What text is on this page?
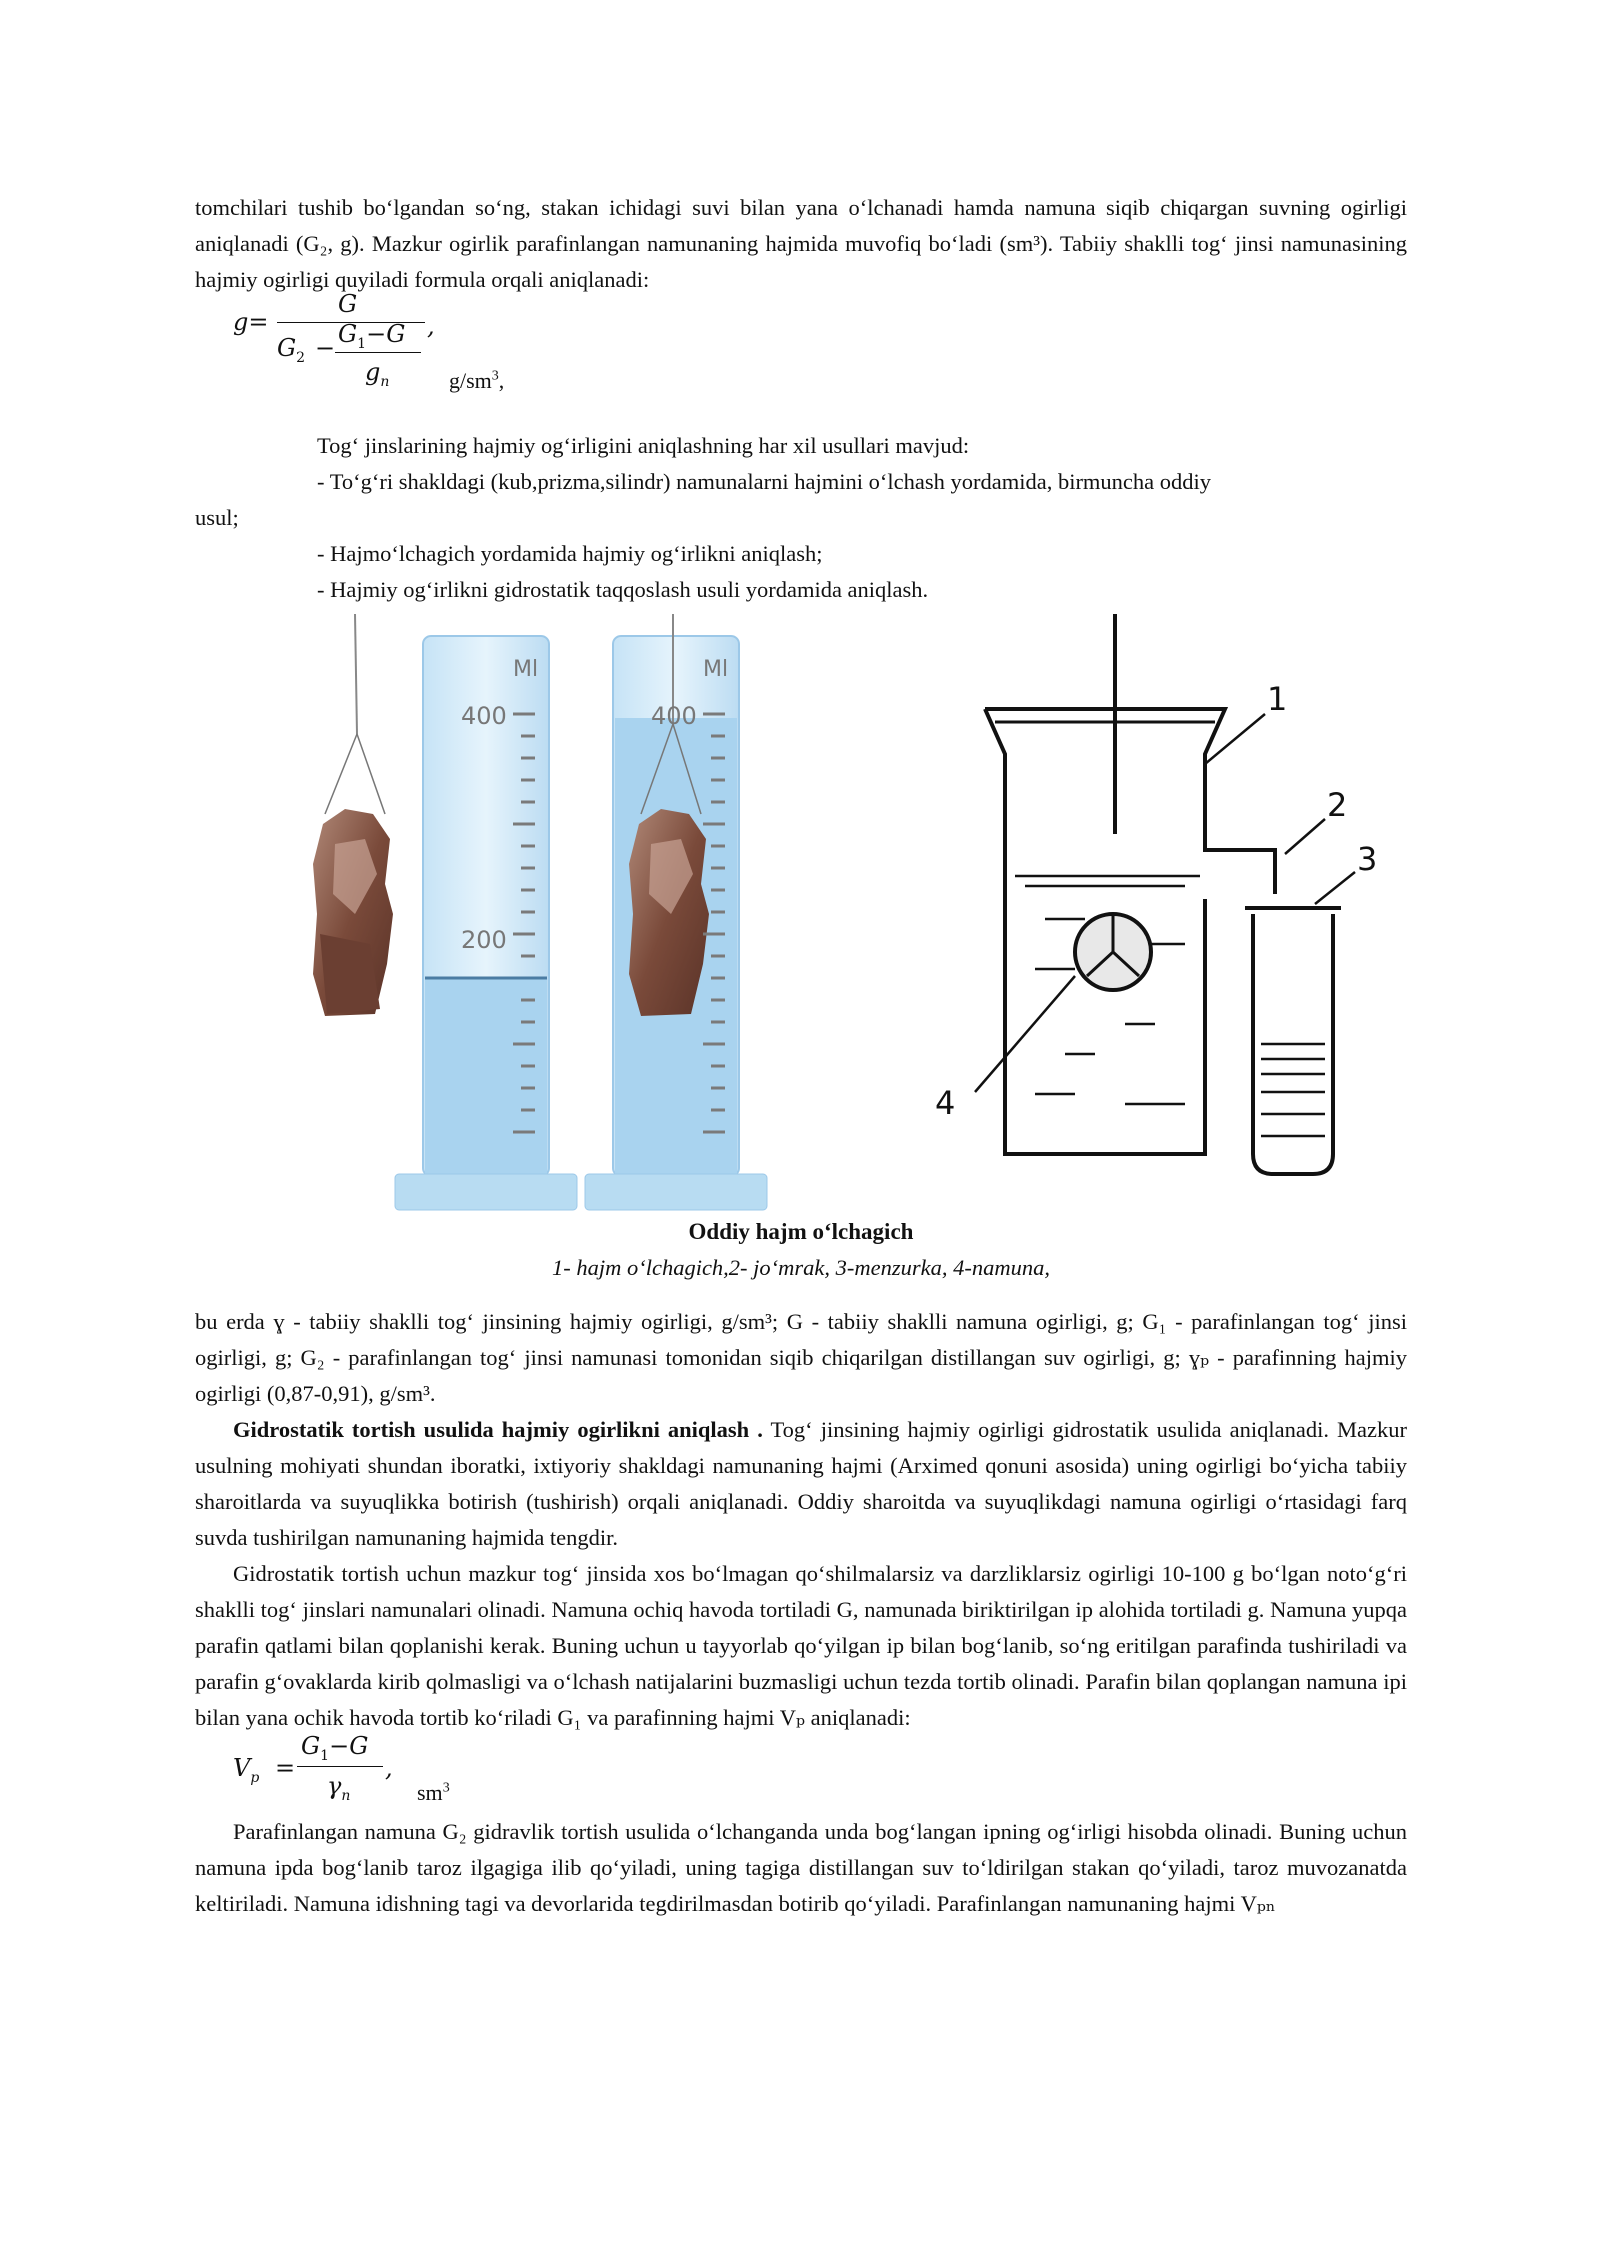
tomchilari tushib bo‘lgandan so‘ng, stakan ichidagi suvi bilan yana o‘lchanadi hamda namuna siqib chiqargan suvning ogirligi aniqlanadi (G₂, g). Mazkur ogirlik parafinlangan namunaning hajmida muvofiq bo‘ladi (sm³). Tabiiy shaklli tog‘ jinsi namunasining hajmiy ogirligi quyiladi formula orqali aniqlanadi:

g=
G
$G_2 - G_1-G$ ,
$g_n$	$g/sm^3$,

Tog‘ jinslarining hajmiy og‘irligini aniqlashning har xil usullari mavjud:

- To‘g‘ri shakldagi (kub,prizma,silindr) namunalarni hajmini o‘lchash yordamida, birmuncha oddiy

usul;

- Hajmo‘lchagich yordamida hajmiy og‘irlikni aniqlash;

- Hajmiy og‘irlikni gidrostatik taqqoslash usuli yordamida aniqlash.

Ml
400
200
Ml
400	1
2
3
4
Oddiy hajm o‘lchagich
1- hajm o‘lchagich,2- jo‘mrak, 3-menzurka, 4-namuna,

bu erda ɣ - tabiiy shaklli tog‘ jinsining hajmiy ogirligi, g/sm³; G - tabiiy shaklli namuna ogirligi, g; G₁ - parafinlangan tog‘ jinsi ogirligi, g; G₂ - parafinlangan tog‘ jinsi namunasi tomonidan siqib chiqarilgan distillangan suv ogirligi, g; ɣₚ - parafinning hajmiy ogirligi (0,87-0,91), g/sm³.

Gidrostatik tortish usulida hajmiy ogirlikni aniqlash . Tog‘ jinsining hajmiy ogirligi gidrostatik usulida aniqlanadi. Mazkur usulning mohiyati shundan iboratki, ixtiyoriy shakldagi namunaning hajmi (Arximed qonuni asosida) uning ogirligi bo‘yicha tabiiy sharoitlarda va suyuqlikka botirish (tushirish) orqali aniqlanadi. Oddiy sharoitda va suyuqlikdagi namuna ogirligi o‘rtasidagi farq suvda tushirilgan namunaning hajmida tengdir.

Gidrostatik tortish uchun mazkur tog‘ jinsida xos bo‘lmagan qo‘shilmalarsiz va darzliklarsiz ogirligi 10-100 g bo‘lgan noto‘g‘ri shaklli tog‘ jinslari namunalari olinadi. Namuna ochiq havoda tortiladi G, namunada biriktirilgan ip alohida tortiladi g. Namuna yupqa parafin qatlami bilan qoplanishi kerak. Buning uchun u tayyorlab qo‘yilgan ip bilan bog‘lanib, so‘ng eritilgan parafinda tushiriladi va parafin g‘ovaklarda kirib qolmasligi va o‘lchash natijalarini buzmasligi uchun tezda tortib olinadi. Parafin bilan qoplangan namuna ipi bilan yana ochik havoda tortib ko‘riladi G₁ va parafinning hajmi Vₚ aniqlanadi:

$V_p$ =
$G_1-G$
$\gamma_n$
,
$sm^3$

Parafinlangan namuna G₂ gidravlik tortish usulida o‘lchanganda unda bog‘langan ipning og‘irligi hisobda olinadi. Buning uchun namuna ipda bog‘lanib taroz ilgagiga ilib qo‘yiladi, uning tagiga distillangan suv to‘ldirilgan stakan qo‘yiladi, taroz muvozanatda keltiriladi. Namuna idishning tagi va devorlarida tegdirilmasdan botirib qo‘yiladi. Parafinlangan namunaning hajmi Vₚₙ
